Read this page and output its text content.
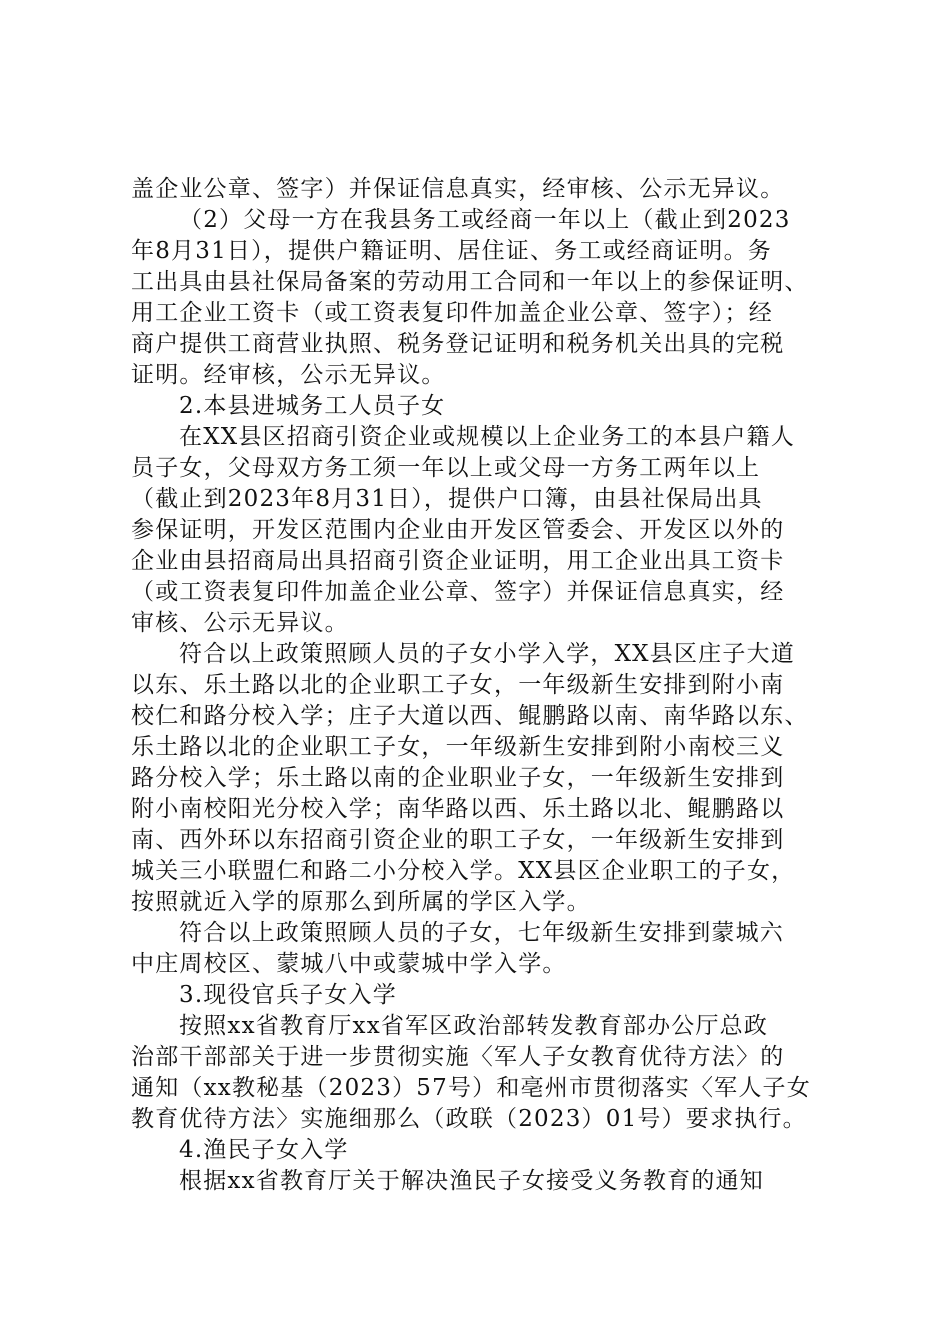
盖企业公章、签字）并保证信息真实，经审核、公示无异议。
（2）父母一方在我县务工或经商一年以上（截止到2023
年8月31日），提供户籍证明、居住证、务工或经商证明。务
工出具由县社保局备案的劳动用工合同和一年以上的参保证明、
用工企业工资卡（或工资表复印件加盖企业公章、签字）；经
商户提供工商营业执照、税务登记证明和税务机关出具的完税
证明。经审核，公示无异议。
2.本县进城务工人员子女
在XX县区招商引资企业或规模以上企业务工的本县户籍人
员子女，父母双方务工须一年以上或父母一方务工两年以上
（截止到2023年8月31日），提供户口簿，由县社保局出具
参保证明，开发区范围内企业由开发区管委会、开发区以外的
企业由县招商局出具招商引资企业证明，用工企业出具工资卡
（或工资表复印件加盖企业公章、签字）并保证信息真实，经
审核、公示无异议。
符合以上政策照顾人员的子女小学入学，XX县区庄子大道
以东、乐土路以北的企业职工子女，一年级新生安排到附小南
校仁和路分校入学；庄子大道以西、鲲鹏路以南、南华路以东、
乐土路以北的企业职工子女，一年级新生安排到附小南校三义
路分校入学；乐土路以南的企业职业子女，一年级新生安排到
附小南校阳光分校入学；南华路以西、乐土路以北、鲲鹏路以
南、西外环以东招商引资企业的职工子女，一年级新生安排到
城关三小联盟仁和路二小分校入学。XX县区企业职工的子女，
按照就近入学的原那么到所属的学区入学。
符合以上政策照顾人员的子女，七年级新生安排到蒙城六
中庄周校区、蒙城八中或蒙城中学入学。
3.现役官兵子女入学
按照xx省教育厅xx省军区政治部转发教育部办公厅总政
治部干部部关于进一步贯彻实施〈军人子女教育优待方法〉的
通知（xx教秘基（2023）57号）和亳州市贯彻落实〈军人子女
教育优待方法〉实施细那么（政联（2023）01号）要求执行。
4.渔民子女入学
根据xx省教育厅关于解决渔民子女接受义务教育的通知
